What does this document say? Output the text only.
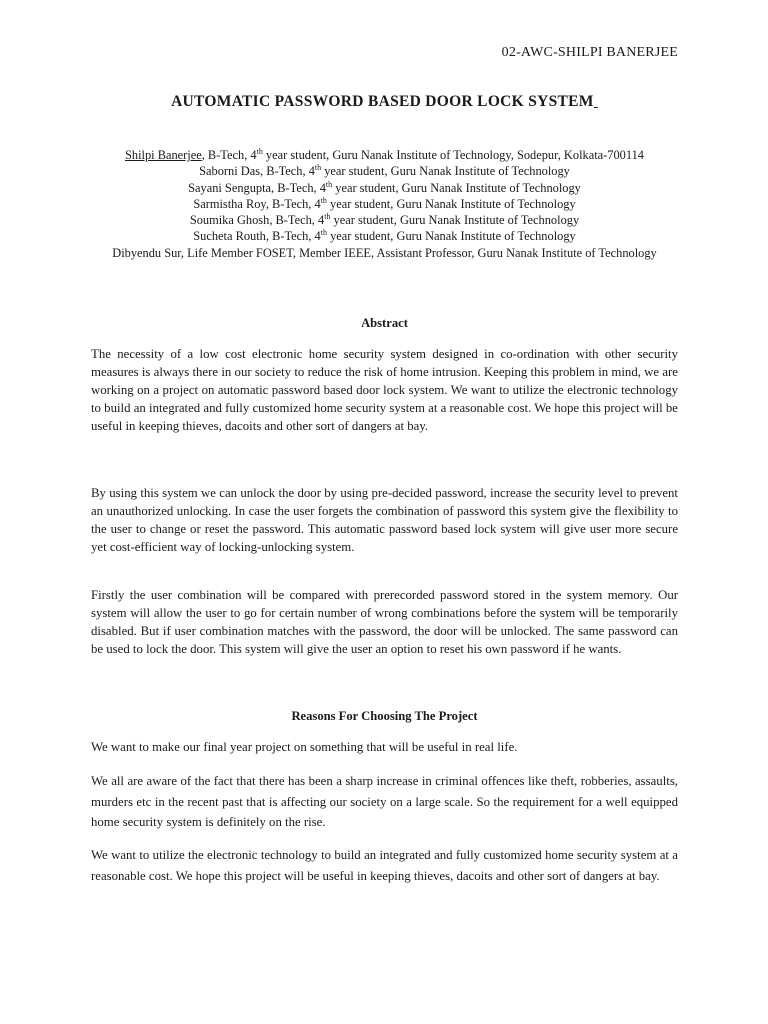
02-AWC-SHILPI BANERJEE
AUTOMATIC PASSWORD BASED DOOR LOCK SYSTEM
Shilpi Banerjee, B-Tech, 4th year student, Guru Nanak Institute of Technology, Sodepur, Kolkata-700114
Saborni Das, B-Tech, 4th year student, Guru Nanak Institute of Technology
Sayani Sengupta, B-Tech, 4th year student, Guru Nanak Institute of Technology
Sarmistha Roy, B-Tech, 4th year student, Guru Nanak Institute of Technology
Soumika Ghosh, B-Tech, 4th year student, Guru Nanak Institute of Technology
Sucheta Routh, B-Tech, 4th year student, Guru Nanak Institute of Technology
Dibyendu Sur, Life Member FOSET, Member IEEE, Assistant Professor, Guru Nanak Institute of Technology
Abstract

The necessity of a low cost electronic home security system designed in co-ordination with other security measures is always there in our society to reduce the risk of home intrusion. Keeping this problem in mind, we are working on a project on automatic password based door lock system. We want to utilize the electronic technology to build an integrated and fully customized home security system at a reasonable cost. We hope this project will be useful in keeping thieves, dacoits and other sort of dangers at bay.

By using this system we can unlock the door by using pre-decided password, increase the security level to prevent an unauthorized unlocking. In case the user forgets the combination of password this system give the flexibility to the user to change or reset the password. This automatic password based lock system will give user more secure yet cost-efficient way of locking-unlocking system.

Firstly the user combination will be compared with prerecorded password stored in the system memory. Our system will allow the user to go for certain number of wrong combinations before the system will be temporarily disabled. But if user combination matches with the password, the door will be unlocked. The same password can be used to lock the door. This system will give the user an option to reset his own password if he wants.

Reasons For Choosing The Project

We want to make our final year project on something that will be useful in real life.

We all are aware of the fact that there has been a sharp increase in criminal offences like theft, robberies, assaults, murders etc in the recent past that is affecting our society on a large scale. So the requirement for a well equipped home security system is definitely on the rise.

We want to utilize the electronic technology to build an integrated and fully customized home security system at a reasonable cost. We hope this project will be useful in keeping thieves, dacoits and other sort of dangers at bay.
